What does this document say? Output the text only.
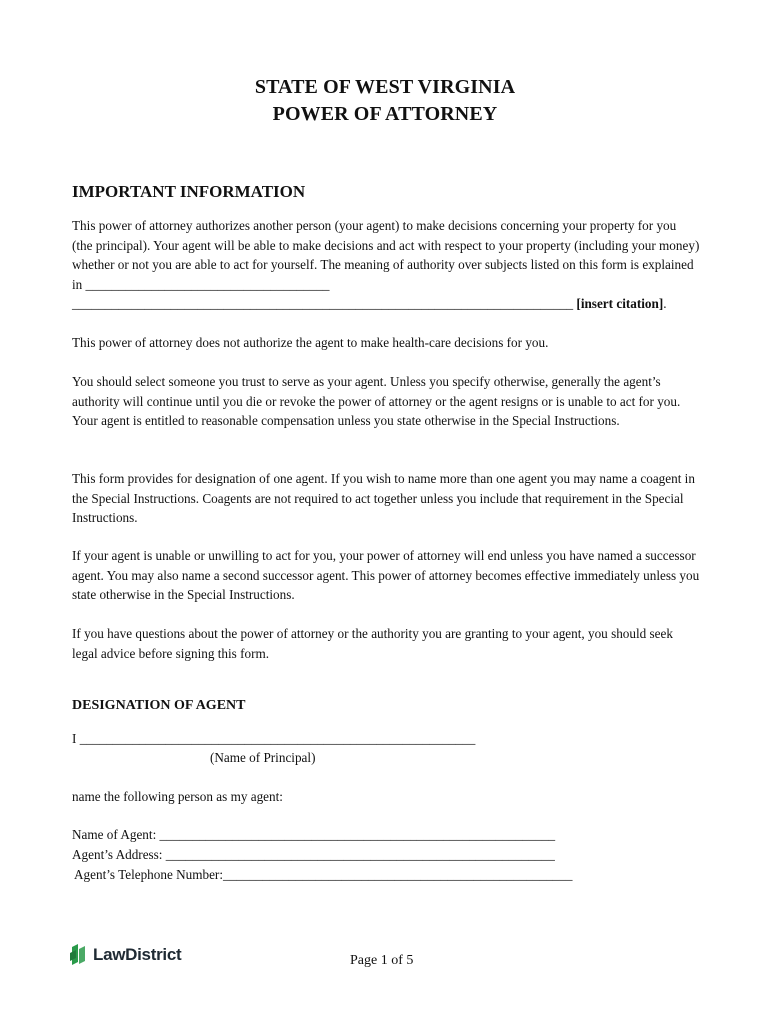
STATE OF WEST VIRGINIA
POWER OF ATTORNEY
IMPORTANT INFORMATION
This power of attorney authorizes another person (your agent) to make decisions concerning your property for you (the principal). Your agent will be able to make decisions and act with respect to your property (including your money) whether or not you are able to act for yourself. The meaning of authority over subjects listed on this form is explained in _____________________________________ ____________________________________________________________________________ [insert citation].
This power of attorney does not authorize the agent to make health-care decisions for you.
You should select someone you trust to serve as your agent. Unless you specify otherwise, generally the agent’s authority will continue until you die or revoke the power of attorney or the agent resigns or is unable to act for you. Your agent is entitled to reasonable compensation unless you state otherwise in the Special Instructions.
This form provides for designation of one agent. If you wish to name more than one agent you may name a coagent in the Special Instructions. Coagents are not required to act together unless you include that requirement in the Special Instructions.
If your agent is unable or unwilling to act for you, your power of attorney will end unless you have named a successor agent. You may also name a second successor agent. This power of attorney becomes effective immediately unless you state otherwise in the Special Instructions.
If you have questions about the power of attorney or the authority you are granting to your agent, you should seek legal advice before signing this form.
DESIGNATION OF AGENT
I ____________________________________________________________
(Name of Principal)
name the following person as my agent:
Name of Agent: ____________________________________________________________
Agent’s Address: ___________________________________________________________
Agent’s Telephone Number:_____________________________________________________
LawDistrict	Page 1 of 5
